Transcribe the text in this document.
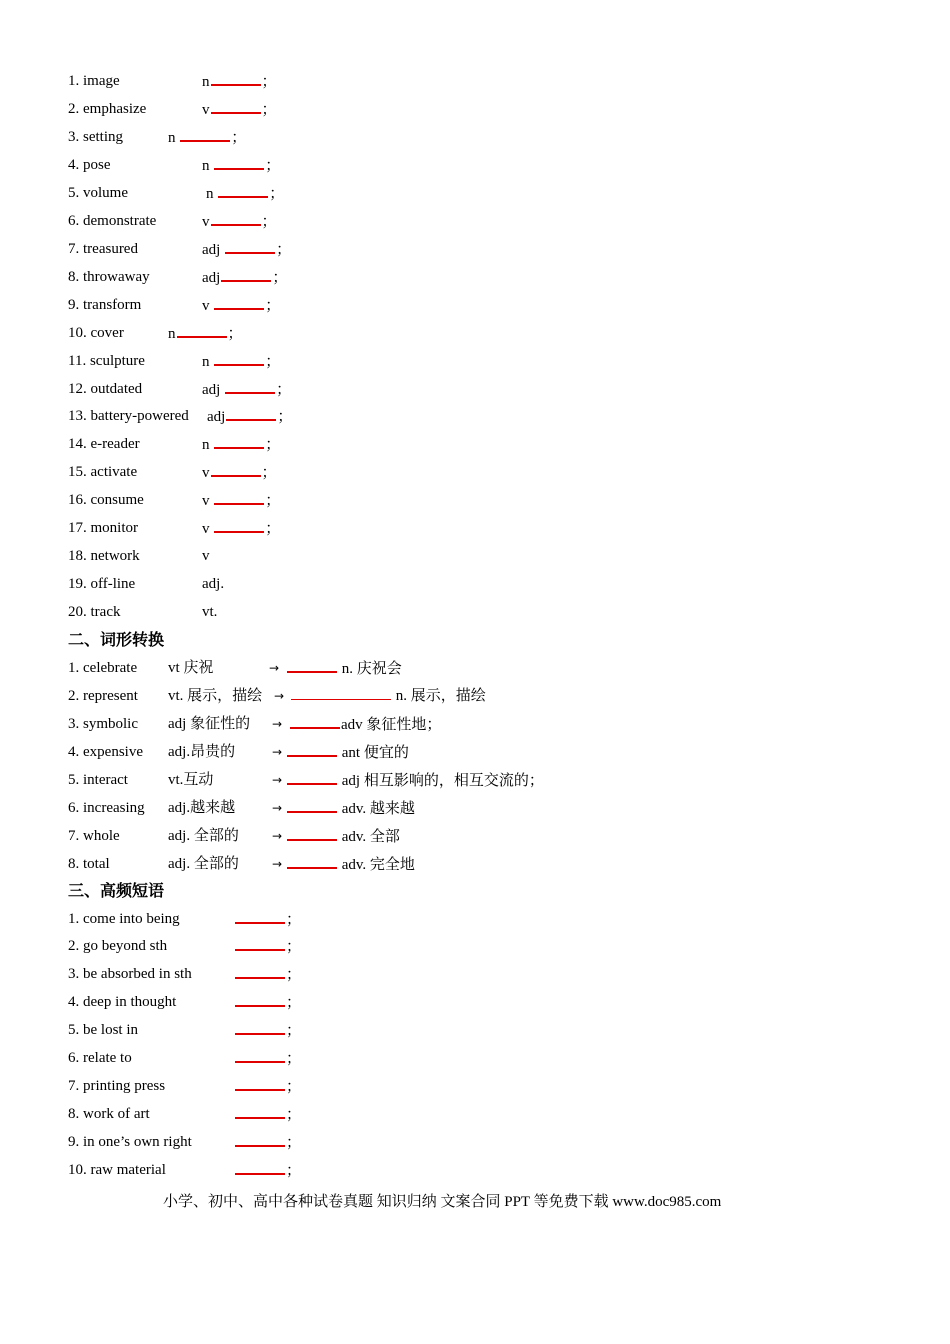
1. image	n	；
2. emphasize	v	；
3. setting	n	；
4. pose	n	；
5. volume	n	；
6. demonstrate	v	；
7. treasured	adj	；
8. throwaway	adj	；
9. transform	v	；
10. cover	n	；
11. sculpture	n	；
12. outdated	adj	；
13. battery-powered adj	；
14. e-reader	n	；
15. activate	v	；
16. consume	v	；
17. monitor	v	；
18. network	v
19. off-line	adj.
20. track	vt.
二、词形转换
1. celebrate vt 庆祝	→	n. 庆祝会
2. represent vt. 展示，描绘 →	n. 展示，描绘
3. symbolic adj 象征性的 →	adv 象征性地；
4. expensive adj.昂贵的	→	ant 便宜的
5. interact	vt.互动	→	adj 相互影响的，相互交流的；
6. increasing adj.越来越	→	adv. 越来越
7. whole	adj. 全部的	→	adv. 全部
8. total	adj. 全部的	→	adv. 完全地
三、高频短语
1. come into being	；
2. go beyond sth	；
3. be absorbed in sth	；
4. deep in thought	；
5. be lost in	；
6. relate to	；
7. printing press	；
8. work of art	；
9. in one’s own right	；
10. raw material	；
小学、初中、高中各种试卷真题 知识归纳 文案合同 PPT 等免费下载 www.doc985.com
